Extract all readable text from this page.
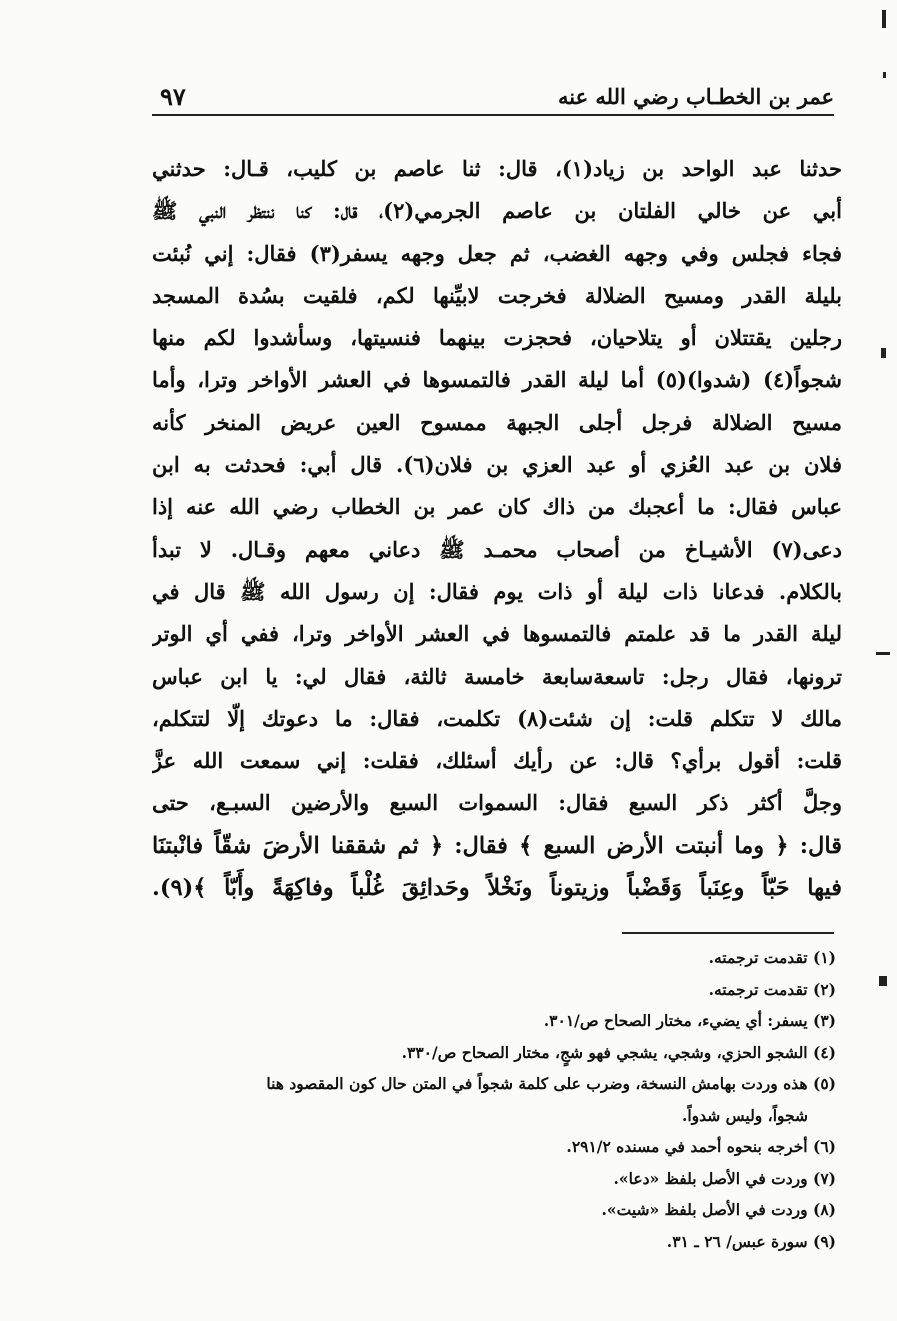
عمر بن الخطـاب رضي الله عنه
٩٧
حدثنا عبد الواحد بن زياد(١)، قال: ثنا عاصم بن كليب، قـال: حدثني
أبي عن خالي الفلتان بن عاصم الجرمي(٢)، قال: كنا ننتظر النبي ﷺ
فجاء فجلس وفي وجهه الغضب، ثم جعل وجهه يسفر(٣) فقال: إني نُبئت
بليلة القدر ومسيح الضلالة فخرجت لابيِّنها لكم، فلقيت بسُدة المسجد
رجلين يقتتلان أو يتلاحيان، فحجزت بينهما فنسيتها، وسأشدوا لكم منها
شجواً(٤) (شدوا)(٥) أما ليلة القدر فالتمسوها في العشر الأواخر وترا، وأما
مسيح الضلالة فرجل أجلى الجبهة ممسوح العين عريض المنخر كأنه
فلان بن عبد العُزي أو عبد العزي بن فلان(٦). قال أبي: فحدثت به ابن
عباس فقال: ما أعجبك من ذاك كان عمر بن الخطاب رضي الله عنه إذا
دعى(٧) الأشيـاخ من أصحاب محمـد ﷺ دعاني معهم وقـال. لا تبدأ
بالكلام. فدعانا ذات ليلة أو ذات يوم فقال: إن رسول الله ﷺ قال في
ليلة القدر ما قد علمتم فالتمسوها في العشر الأواخر وترا، ففي أي الوتر
ترونها، فقال رجل: تاسعةسابعة خامسة ثالثة، فقال لي: يا ابن عباس
مالك لا تتكلم قلت: إن شئت(٨) تكلمت، فقال: ما دعوتك إلّا لتتكلم،
قلت: أقول برأي؟ قال: عن رأيك أسئلك، فقلت: إني سمعت الله عزَّ
وجلَّ أكثر ذكر السبع فقال: السموات السبع والأرضين السبـع، حتى
قال: ﴿ وما أنبتت الأرض السبع ﴾ فقال: ﴿ ثم شققنا الأرضَ شقّاً فانْبتنَا
فيها حَبّاً وعِنَباً وَقَضْباً وزيتوناً ونَخْلاً وحَدائِقَ غُلْباً وفاكِهَةً وأَبّاً ﴾(٩).
(١) تقدمت ترجمته.
(٢) تقدمت ترجمته.
(٣) يسفر: أي يضيء، مختار الصحاح ص/٣٠١.
(٤) الشجو الحزي، وشجي، يشجي فهو شجٍ، مختار الصحاح ص/٣٣٠.
(٥) هذه وردت بهامش النسخة، وضرب على كلمة شجواً في المتن حال كون المقصود هنا
شجواً، وليس شدواً.
(٦) أخرجه بنحوه أحمد في مسنده ٢٩١/٢.
(٧) وردت في الأصل بلفظ «دعا».
(٨) وردت في الأصل بلفظ «شيت».
(٩) سورة عبس/ ٢٦ ـ ٣١.
